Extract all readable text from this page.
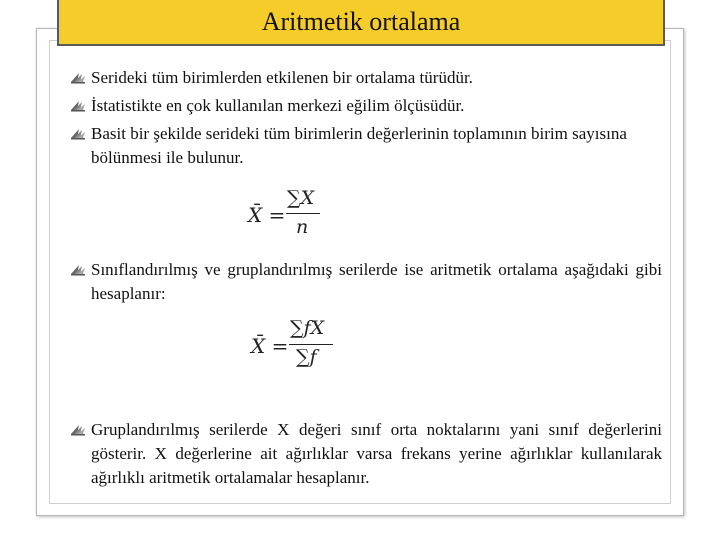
Aritmetik ortalama
Serideki tüm birimlerden etkilenen bir ortalama türüdür.
İstatistikte en çok kullanılan merkezi eğilim ölçüsüdür.
Basit bir şekilde serideki tüm birimlerin değerlerinin toplamının birim sayısına bölünmesi ile bulunur.
X̄ =
∑X
n
Sınıflandırılmış ve gruplandırılmış serilerde ise aritmetik ortalama aşağıdaki gibi hesaplanır:
X̄ =
∑fX
∑f
Gruplandırılmış serilerde X değeri sınıf orta noktalarını yani sınıf değerlerini gösterir. X değerlerine ait ağırlıklar varsa frekans yerine ağırlıklar kullanılarak ağırlıklı aritmetik ortalamalar hesaplanır.
